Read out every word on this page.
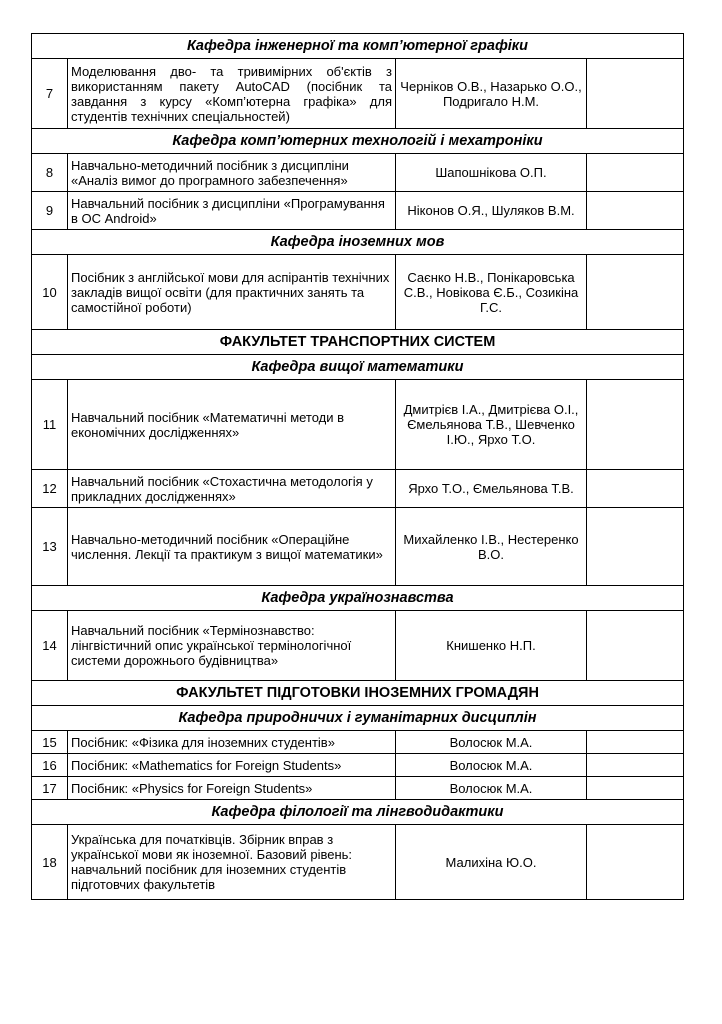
Кафедра інженерної та комп’ютерної графіки			
7	Моделювання дво- та тривимірних об'єктів з використанням пакету AutoCAD (посібник та завдання з курсу «Комп’ютерна графіка» для студентів технічних спеціальностей)	Черніков О.В., Назарько О.О., Подригало Н.М.	
Кафедра комп’ютерних технологій і мехатроніки			
8	Навчально-методичний посібник з дисципліни «Аналіз вимог до програмного забезпечення»	Шапошнікова О.П.	
9	Навчальний посібник з дисципліни «Програмування в ОС Android»	Ніконов О.Я., Шуляков В.М.	
Кафедра іноземних мов			
10	Посібник з англійської мови для аспірантів технічних закладів вищої освіти (для практичних занять та самостійної роботи)	Саєнко Н.В., Понікаровська С.В., Новікова Є.Б., Созикіна Г.С.	
ФАКУЛЬТЕТ ТРАНСПОРТНИХ СИСТЕМ			
Кафедра вищої математики			
11	Навчальний посібник «Математичні методи в економічних дослідженнях»	Дмитрієв І.А., Дмитрієва О.І., Ємельянова Т.В., Шевченко І.Ю., Ярхо Т.О.	
12	Навчальний посібник «Стохастична методологія у прикладних дослідженнях»	Ярхо Т.О., Ємельянова Т.В.	
13	Навчально-методичний посібник «Операційне числення. Лекції та практикум з вищої математики»	Михайленко І.В., Нестеренко В.О.	
Кафедра українознавства			
14	Навчальний посібник «Термінознавство: лінгвістичний опис української термінологічної системи дорожнього будівництва»	Книшенко Н.П.	
ФАКУЛЬТЕТ ПІДГОТОВКИ ІНОЗЕМНИХ ГРОМАДЯН			
Кафедра природничих і гуманітарних дисциплін			
15	Посібник: «Фізика для іноземних студентів»	Волосюк М.А.	
16	Посібник: «Mathematics for Foreign Students»	Волосюк М.А.	
17	Посібник: «Physics for Foreign Students»	Волосюк М.А.	
Кафедра філології та лінгводидактики			
18	Українська для початківців. Збірник вправ з української мови як іноземної. Базовий рівень: навчальний посібник для іноземних студентів підготовчих факультетів	Малихіна Ю.О.	
